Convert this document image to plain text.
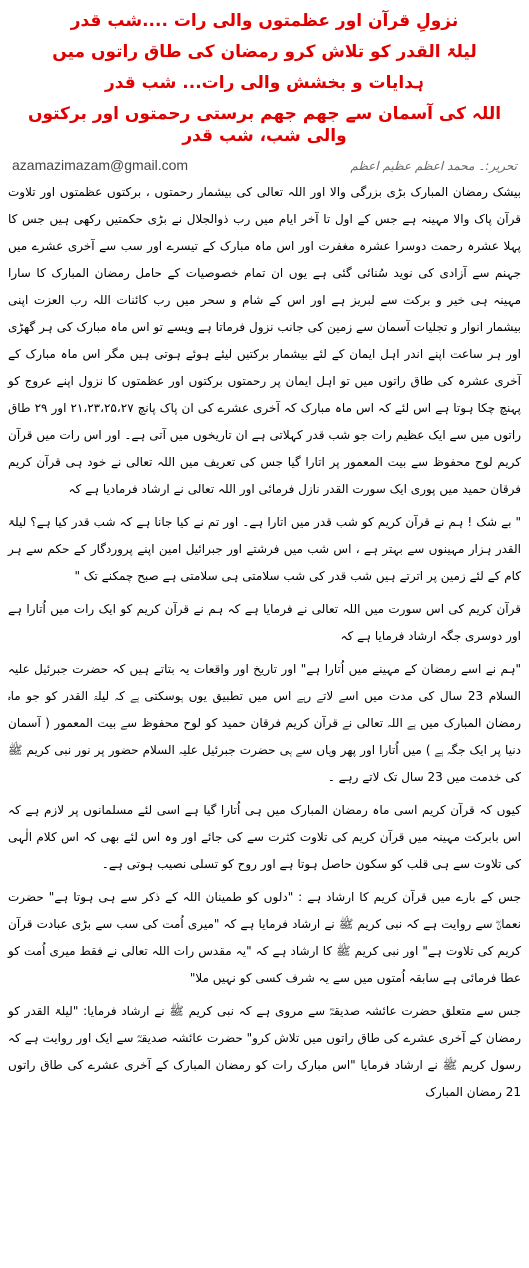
نزولِ قرآن اور عظمتوں والی رات ....شب قدر
لیلۃ القدر کو تلاش کرو رمضان کی طاق راتوں میں
ہدایات و بخشش والی رات... شب قدر
اللہ کی آسمان سے جھم جھم برستی رحمتوں اور برکتوں والی شب، شب قدر
azamazimazam@gmail.com	تحریر:۔ محمد اعظم عظیم اعظم

بیشک رمضان المبارک بڑی بزرگی والا اور اللہ تعالی کی بیشمار رحمتوں ، برکتوں عظمتوں اور تلاوت قرآن پاک والا مہینہ ہے جس کے اول تا آخر ایام میں رب ذوالجلال نے بڑی حکمتیں رکھی ہیں جس کا پہلا عشرہ رحمت دوسرا عشرہ مغفرت اور اس ماہ مبارک کے تیسرے اور سب سے آخری عشرے میں جہنم سے آزادی کی نوید سُنائی گئی ہے یوں ان تمام خصوصیات کے حامل رمضان المبارک کا سارا مہینہ ہی خیر و برکت سے لبریز ہے اور اس کے شام و سحر میں رب کائنات اللہ رب العزت اپنی بیشمار انوار و تجلیات آسمان سے زمین کی جانب نزول فرماتا ہے ویسے تو اس ماہ مبارک کی ہر گھڑی اور ہر ساعت اپنے اندر اہل ایمان کے لئے بیشمار برکتیں لیئے ہوئے ہوتی ہیں مگر اس ماہ مبارک کے آخری عشرہ کی طاق راتوں میں تو اہل ایمان پر رحمتوں برکتوں اور عظمتوں کا نزول اپنے عروج کو پہنچ چکا ہوتا ہے اس لئے کہ اس ماہ مبارک کہ آخری عشرے کی ان پاک پانچ ۲۱،۲۳،۲۵،۲۷ اور ۲۹ طاق راتوں میں سے ایک عظیم رات جو شب قدر کہلاتی ہے ان تاریخوں میں آتی ہے۔ اور اس رات میں قرآن کریم لوح محفوظ سے بیت المعمور پر اتارا گیا جس کی تعریف میں اللہ تعالی نے خود ہی قرآن کریم فرقان حمید میں پوری ایک سورت القدر نازل فرمائی اور اللہ تعالی نے ارشاد فرمادیا ہے کہ

" بے شک ! ہم نے قرآن کریم کو شب قدر میں اتارا ہے۔ اور تم نے کیا جانا ہے کہ شب قدر کیا ہے؟ لیلۃ القدر ہزار مہینوں سے بہتر ہے ، اس شب میں فرشتے اور جبرائیل امین اپنے پروردگار کے حکم سے ہر کام کے لئے زمین پر اترتے ہیں شب قدر کی شب سلامتی ہی سلامتی ہے صبح چمکنے تک "

قرآن کریم کی اس سورت میں اللہ تعالی نے فرمایا ہے کہ ہم نے قرآن کریم کو ایک رات میں اُتارا ہے اور دوسری جگہ ارشاد فرمایا ہے کہ

"ہم نے اسے رمضان کے مہینے میں اُتارا ہے" اور تاریخ اور واقعات یہ بتاتے ہیں کہ حضرت جبرئیل علیہ السلام 23 سال کی مدت میں اسے لاتے رہے اس میں تطبیق یوں ہوسکتی ہے کہ لیلۃ القدر کو جو ماہ رمضان المبارک میں ہے اللہ تعالی نے قرآن کریم فرقان حمید کو لوح محفوظ سے بیت المعمور ( آسمان دنیا پر ایک جگہ ہے ) میں اُتارا اور پھر وہاں سے ہی حضرت جبرئیل علیہ السلام حضور پر نور نبی کریم ﷺ کی خدمت میں 23 سال تک لاتے رہے ۔

کیوں کہ قرآن کریم اسی ماہ رمضان المبارک میں ہی اُتارا گیا ہے اسی لئے مسلمانوں پر لازم ہے کہ اس بابرکت مہینہ میں قرآن کریم کی تلاوت کثرت سے کی جائے اور وہ اس لئے بھی کہ اس کلام الٰہی کی تلاوت سے ہی قلب کو سکون حاصل ہوتا ہے اور روح کو تسلی نصیب ہوتی ہے۔

جس کے بارے میں قرآن کریم کا ارشاد ہے : "دلوں کو طمینان اللہ کے ذکر سے ہی ہوتا ہے" حضرت نعمانؓ سے روایت ہے کہ نبی کریم ﷺ نے ارشاد فرمایا ہے کہ "میری اُمت کی سب سے بڑی عبادت قرآن کریم کی تلاوت ہے" اور نبی کریم ﷺ کا ارشاد ہے کہ "یہ مقدس رات اللہ تعالی نے فقط میری اُمت کو عطا فرمائی ہے سابقہ اُمتوں میں سے یہ شرف کسی کو نہیں ملا"

جس سے متعلق حضرت عائشہ صدیقہؓ سے مروی ہے کہ نبی کریم ﷺ نے ارشاد فرمایا: "لیلۃ القدر کو رمضان کے آخری عشرے کی طاق راتوں میں تلاش کرو" حضرت عائشہ صدیقہؓ سے ایک اور روایت ہے کہ رسول کریم ﷺ نے ارشاد فرمایا "اس مبارک رات کو رمضان المبارک کے آخری عشرے کی طاق راتوں 21 رمضان المبارک
